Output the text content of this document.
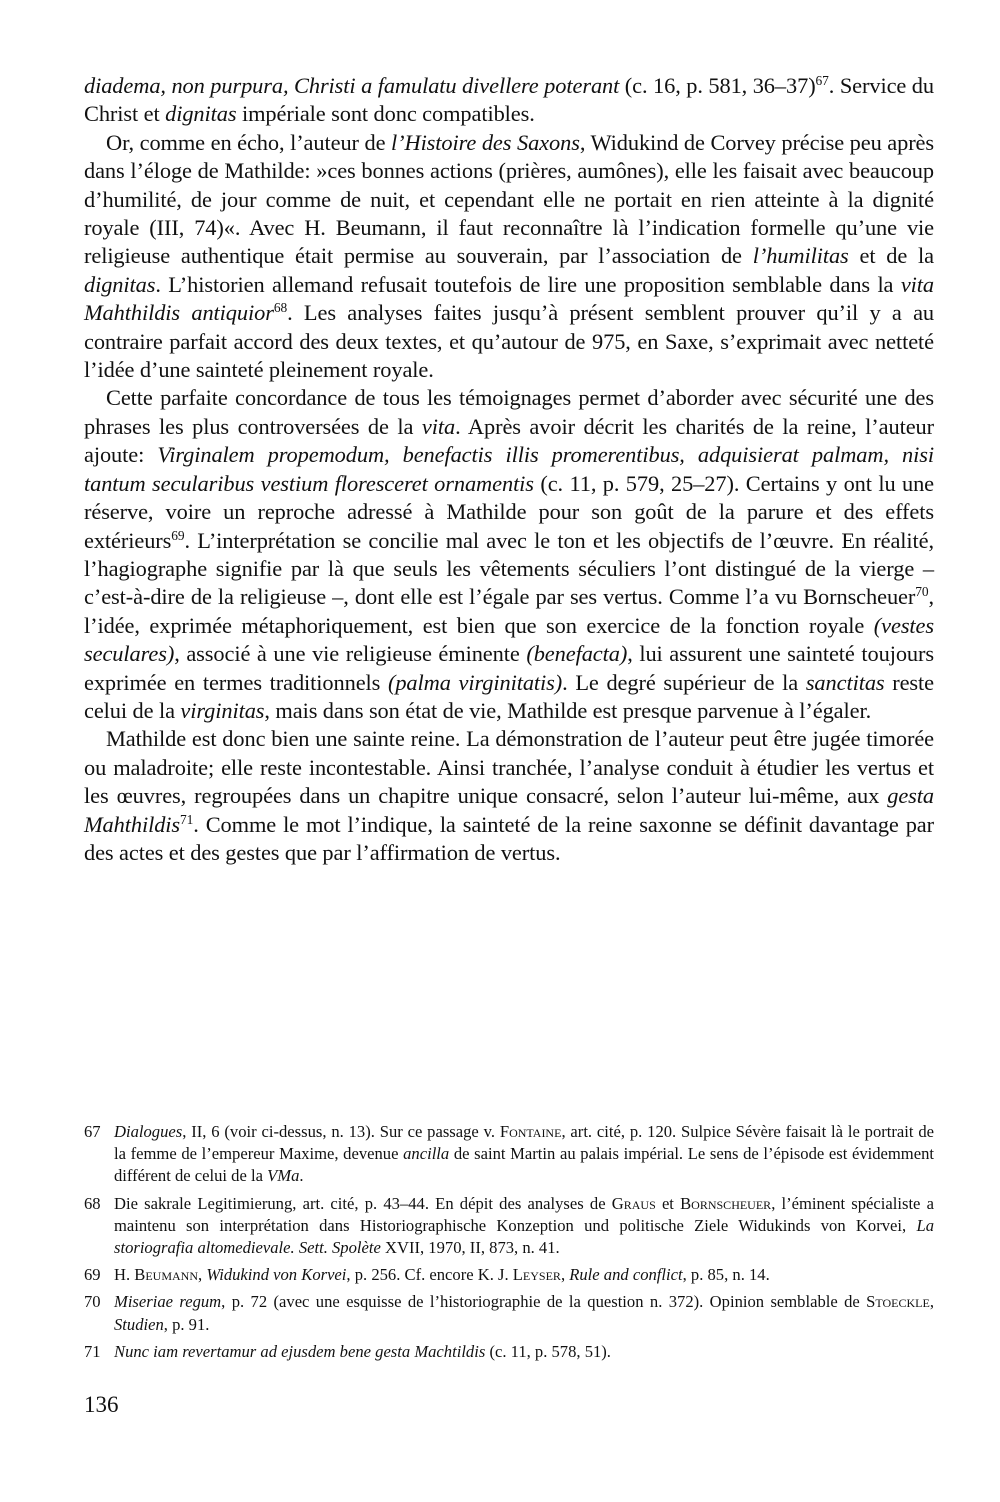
diadema, non purpura, Christi a famulatu divellere poterant (c. 16, p. 581, 36–37)$^{67}$. Service du Christ et dignitas impériale sont donc compatibles.

Or, comme en écho, l’auteur de l’Histoire des Saxons, Widukind de Corvey précise peu après dans l’éloge de Mathilde: »ces bonnes actions (prières, aumônes), elle les faisait avec beaucoup d’humilité, de jour comme de nuit, et cependant elle ne portait en rien atteinte à la dignité royale (III, 74)«. Avec H. Beumann, il faut reconnaître là l’indication formelle qu’une vie religieuse authentique était permise au souverain, par l’association de l’humilitas et de la dignitas. L’historien allemand refusait toutefois de lire une proposition semblable dans la vita Mahthildis antiquior$^{68}$. Les analyses faites jusqu’à présent semblent prouver qu’il y a au contraire parfait accord des deux textes, et qu’autour de 975, en Saxe, s’exprimait avec netteté l’idée d’une sainteté pleinement royale.

Cette parfaite concordance de tous les témoignages permet d’aborder avec sécurité une des phrases les plus controversées de la vita. Après avoir décrit les charités de la reine, l’auteur ajoute: Virginalem propemodum, benefactis illis promerentibus, adquisierat palmam, nisi tantum secularibus vestium floresceret ornamentis (c. 11, p. 579, 25–27). Certains y ont lu une réserve, voire un reproche adressé à Mathilde pour son goût de la parure et des effets extérieurs$^{69}$. L’interprétation se concilie mal avec le ton et les objectifs de l’œuvre. En réalité, l’hagiographe signifie par là que seuls les vêtements séculiers l’ont distingué de la vierge – c’est-à-dire de la religieuse –, dont elle est l’égale par ses vertus. Comme l’a vu Bornscheuer$^{70}$, l’idée, exprimée métaphoriquement, est bien que son exercice de la fonction royale (vestes seculares), associé à une vie religieuse éminente (benefacta), lui assurent une sainteté toujours exprimée en termes traditionnels (palma virginitatis). Le degré supérieur de la sanctitas reste celui de la virginitas, mais dans son état de vie, Mathilde est presque parvenue à l’égaler.

Mathilde est donc bien une sainte reine. La démonstration de l’auteur peut être jugée timorée ou maladroite; elle reste incontestable. Ainsi tranchée, l’analyse conduit à étudier les vertus et les œuvres, regroupées dans un chapitre unique consacré, selon l’auteur lui-même, aux gesta Mahthildis$^{71}$. Comme le mot l’indique, la sainteté de la reine saxonne se définit davantage par des actes et des gestes que par l’affirmation de vertus.

67 Dialogues, II, 6 (voir ci-dessus, n. 13). Sur ce passage v. Fontaine, art. cité, p. 120. Sulpice Sévère faisait là le portrait de la femme de l’empereur Maxime, devenue ancilla de saint Martin au palais impérial. Le sens de l’épisode est évidemment différent de celui de la VMa.
68 Die sakrale Legitimierung, art. cité, p. 43–44. En dépit des analyses de Graus et Bornscheuer, l’éminent spécialiste a maintenu son interprétation dans Historiographische Konzeption und politische Ziele Widukinds von Korvei, La storiografia altomedievale. Sett. Spolète XVII, 1970, II, 873, n. 41.
69 H. Beumann, Widukind von Korvei, p. 256. Cf. encore K. J. Leyser, Rule and conflict, p. 85, n. 14.
70 Miseriae regum, p. 72 (avec une esquisse de l’historiographie de la question n. 372). Opinion semblable de Stoeckle, Studien, p. 91.
71 Nunc iam revertamur ad ejusdem bene gesta Machtildis (c. 11, p. 578, 51).
136
